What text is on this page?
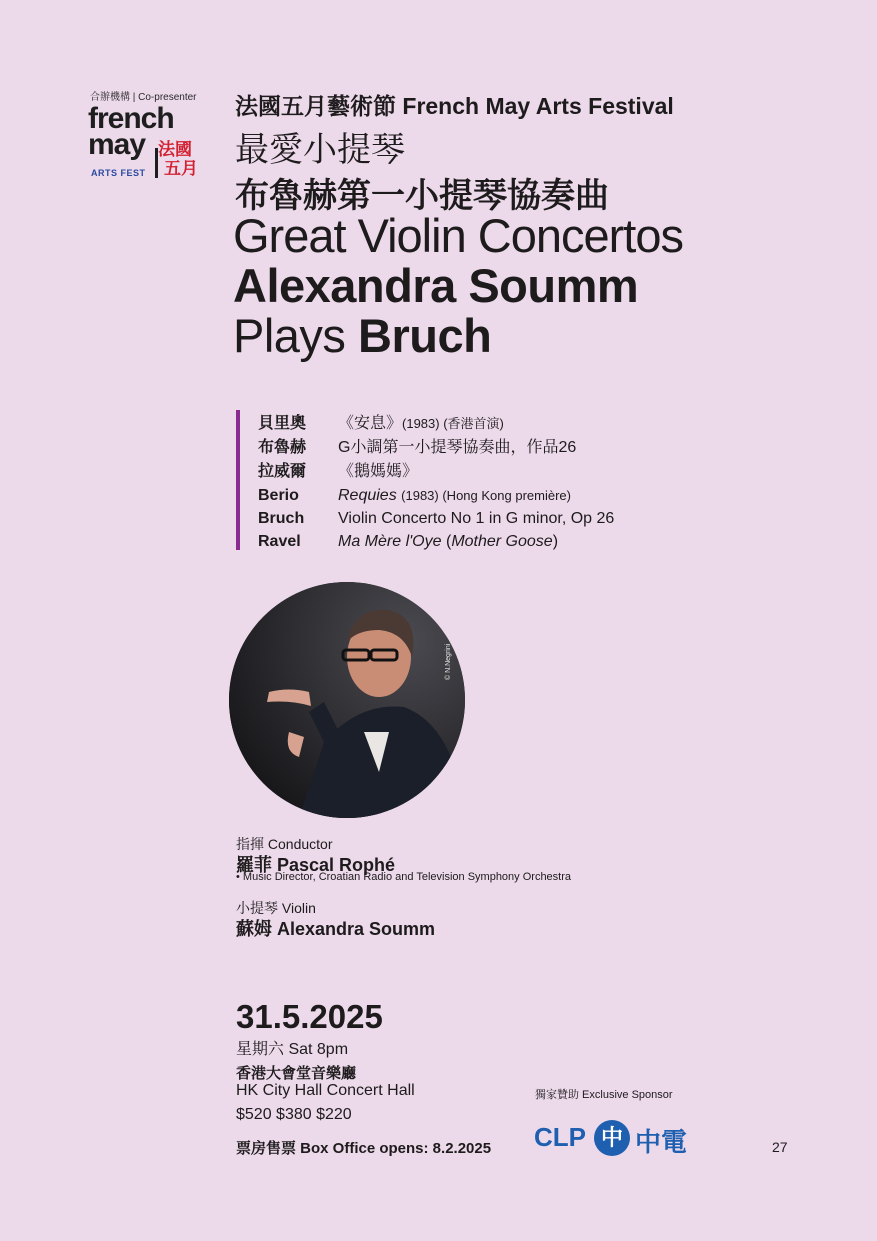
合辦機構 | Co-presenter
french
may 法國
五月
ARTS FEST
法國五月藝術節 French May Arts Festival
最愛小提琴
布魯赫第一小提琴協奏曲
Great Violin Concertos
Alexandra Soumm
Plays Bruch
貝里奧 《安息》(1983) (香港首演)
布魯赫 G小調第一小提琴協奏曲，作品26
拉威爾 《鵝媽媽》
Berio Requies (1983) (Hong Kong première)
Bruch Violin Concerto No 1 in G minor, Op 26
Ravel Ma Mère l'Oye (Mother Goose)
© N.Negrini
指揮 Conductor
羅菲 Pascal Rophé
• Music Director, Croatian Radio and Television Symphony Orchestra
小提琴 Violin
蘇姆 Alexandra Soumm
31.5.2025
星期六 Sat 8pm
香港大會堂音樂廳
HK City Hall Concert Hall
$520 $380 $220
票房售票 Box Office opens: 8.2.2025
獨家贊助 Exclusive Sponsor
CLP 中 中電	27
